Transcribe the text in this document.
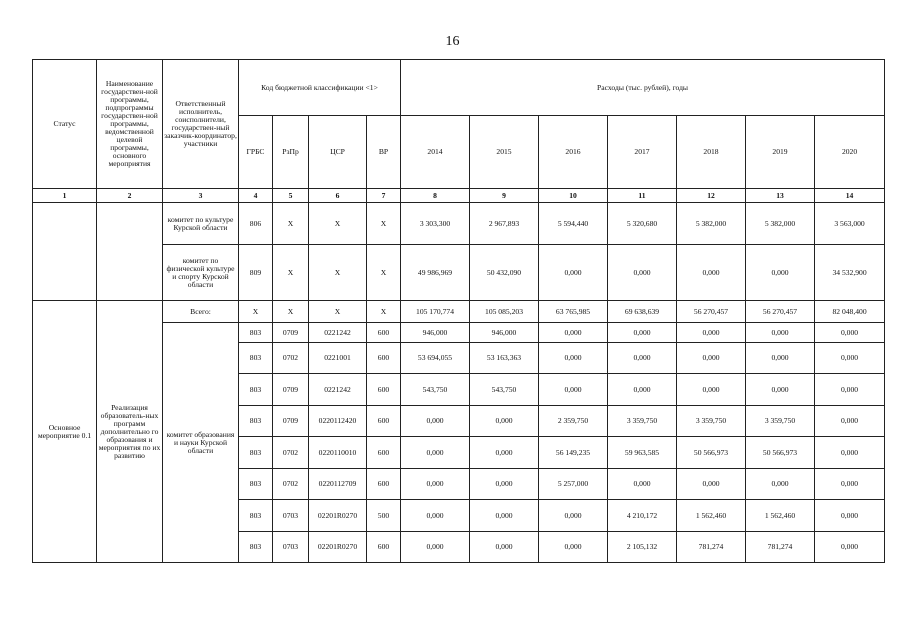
16
Статус	Наименование государствен-ной программы, подпрограммы государствен-ной программы, ведомственной целевой программы, основного мероприятия	Ответственный исполнитель, соисполнители, государствен-ный заказчик-координатор, участники	Код бюджетной классификации <1>				Расходы (тыс. рублей), годы						
			ГРБС	РзПр	ЦСР	ВР	2014	2015	2016	2017	2018	2019	2020
1	2	3	4	5	6	7	8	9	10	11	12	13	14
		комитет по культуре Курской области	806	X	X	X	3 303,300	2 967,893	5 594,440	5 320,680	5 382,000	5 382,000	3 563,000
		комитет по физической культуре и спорту Курской области	809	X	X	X	49 986,969	50 432,090	0,000	0,000	0,000	0,000	34 532,900
Основное мероприятие 0.1	Реализация образователь-ных программ дополнительно го образования и мероприятия по их развитию	Всего:	X	X	X	X	105 170,774	105 085,203	63 765,985	69 638,639	56 270,457	56 270,457	82 048,400
		комитет образования и науки Курской области	803	0709	0221242	600	946,000	946,000	0,000	0,000	0,000	0,000	0,000
			803	0702	0221001	600	53 694,055	53 163,363	0,000	0,000	0,000	0,000	0,000
			803	0709	0221242	600	543,750	543,750	0,000	0,000	0,000	0,000	0,000
			803	0709	0220112420	600	0,000	0,000	2 359,750	3 359,750	3 359,750	3 359,750	0,000
			803	0702	0220110010	600	0,000	0,000	56 149,235	59 963,585	50 566,973	50 566,973	0,000
			803	0702	0220112709	600	0,000	0,000	5 257,000	0,000	0,000	0,000	0,000
			803	0703	02201R0270	500	0,000	0,000	0,000	4 210,172	1 562,460	1 562,460	0,000
			803	0703	02201R0270	600	0,000	0,000	0,000	2 105,132	781,274	781,274	0,000
